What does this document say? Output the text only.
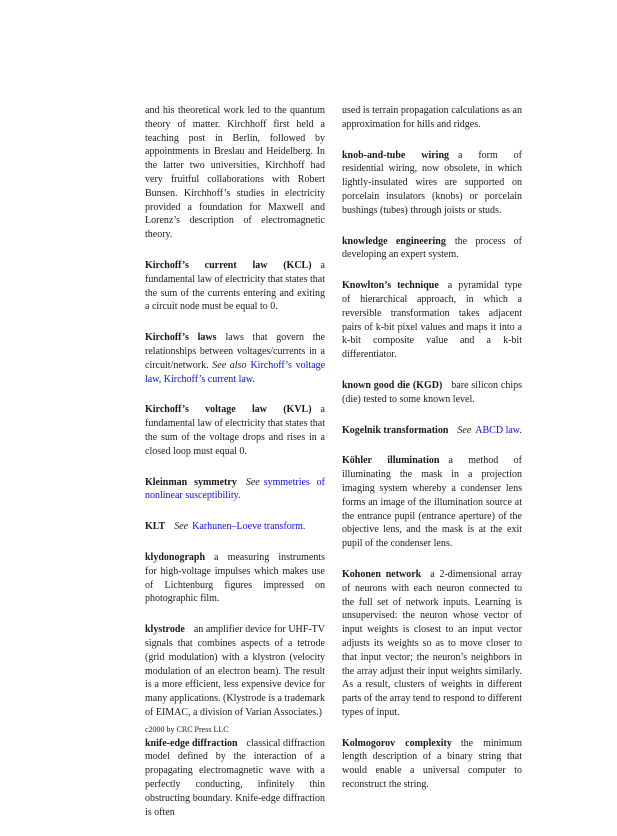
and his theoretical work led to the quantum theory of matter. Kirchhoff first held a teaching post in Berlin, followed by appointments in Breslau and Heidelberg. In the latter two universities, Kirchhoff had very fruitful collaborations with Robert Bunsen. Kirchhoff’s studies in electricity provided a foundation for Maxwell and Lorenz’s description of electromagnetic theory.

Kirchoff’s current law (KCL) a fundamental law of electricity that states that the sum of the currents entering and exiting a circuit node must be equal to 0.

Kirchoff’s laws laws that govern the relationships between voltages/currents in a circuit/network. See also Kirchoff’s voltage law, Kirchoff’s current law.

Kirchoff’s voltage law (KVL) a fundamental law of electricity that states that the sum of the voltage drops and rises in a closed loop must equal 0.

Kleinman symmetry See symmetries of nonlinear susceptibility.

KLT See Karhunen–Loeve transform.

klydonograph a measuring instruments for high-voltage impulses which makes use of Lichtenburg figures impressed on photographic film.

klystrode an amplifier device for UHF-TV signals that combines aspects of a tetrode (grid modulation) with a klystron (velocity modulation of an electron beam). The result is a more efficient, less expensive device for many applications. (Klystrode is a trademark of EIMAC, a division of Varian Associates.)

knife-edge diffraction classical diffraction model defined by the interaction of a propagating electromagnetic wave with a perfectly conducting, infinitely thin obstructing boundary. Knife-edge diffraction is often

used is terrain propagation calculations as an approximation for hills and ridges.

knob-and-tube wiring a form of residential wiring, now obsolete, in which lightly-insulated wires are supported on porcelain insulators (knobs) or porcelain bushings (tubes) through joists or studs.

knowledge engineering the process of developing an expert system.

Knowlton’s technique a pyramidal type of hierarchical approach, in which a reversible transformation takes adjacent pairs of k-bit pixel values and maps it into a k-bit composite value and a k-bit differentiator.

known good die (KGD) bare silicon chips (die) tested to some known level.

Kogelnik transformation See ABCD law.

Köhler illumination a method of illuminating the mask in a projection imaging system whereby a condenser lens forms an image of the illumination source at the entrance pupil (entrance aperture) of the objective lens, and the mask is at the exit pupil of the condenser lens.

Kohonen network a 2-dimensional array of neurons with each neuron connected to the full set of network inputs. Learning is unsupervised: the neuron whose vector of input weights is closest to an input vector adjusts its weights so as to move closer to that input vector; the neuron’s neighbors in the array adjust their input weights similarly. As a result, clusters of weights in different parts of the array tend to respond to different types of input.

Kolmogorov complexity the minimum length description of a binary string that would enable a universal computer to reconstruct the string.

c2000 by CRC Press LLC
